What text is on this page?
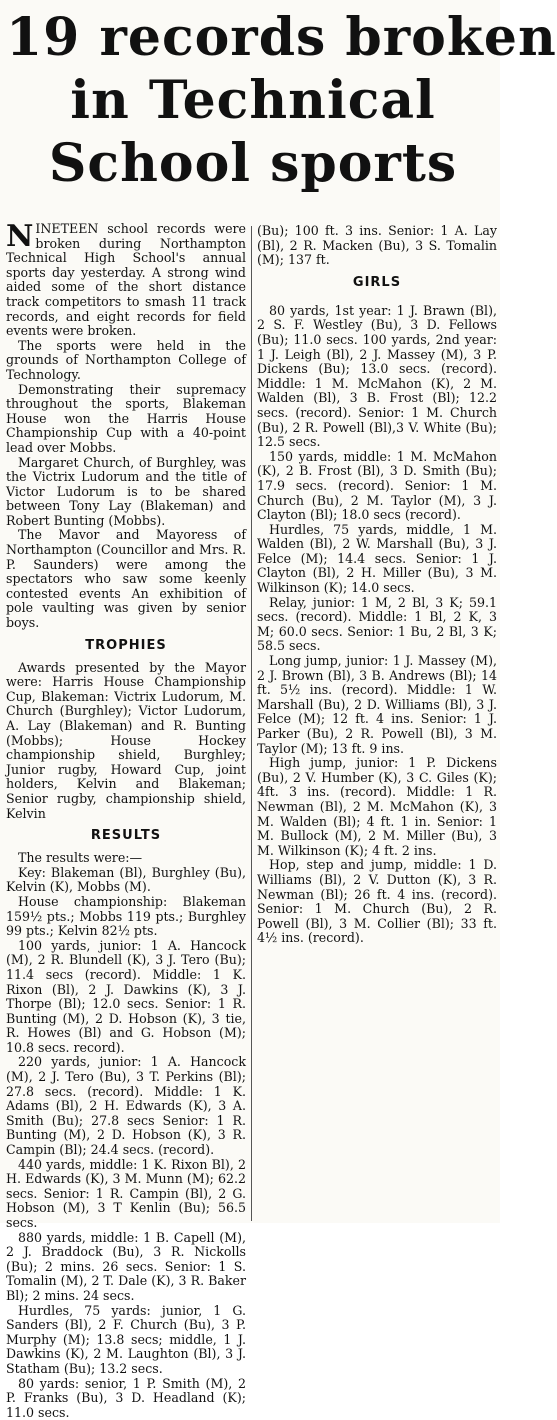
19 records broken
in Technical
School sports

NINETEEN school records were broken during Northampton Technical High School's annual sports day yesterday. A strong wind aided some of the short distance track competitors to smash 11 track records, and eight records for field events were broken.

The sports were held in the grounds of Northampton College of Technology.

Demonstrating their supremacy throughout the sports, Blakeman House won the Harris House Championship Cup with a 40-point lead over Mobbs.

Margaret Church, of Burghley, was the Victrix Ludorum and the title of Victor Ludorum is to be shared between Tony Lay (Blakeman) and Robert Bunting (Mobbs).

The Mavor and Mayoress of Northampton (Councillor and Mrs. R. P. Saunders) were among the spectators who saw some keenly contested events An exhibition of pole vaulting was given by senior boys.

TROPHIES

Awards presented by the Mayor were: Harris House Championship Cup, Blakeman: Victrix Ludorum, M. Church (Burghley); Victor Ludorum, A. Lay (Blakeman) and R. Bunting (Mobbs); House Hockey championship shield, Burghley; Junior rugby, Howard Cup, joint holders, Kelvin and Blakeman; Senior rugby, championship shield, Kelvin

RESULTS

The results were:—

Key: Blakeman (Bl), Burghley (Bu), Kelvin (K), Mobbs (M).

House championship: Blakeman 159½ pts.; Mobbs 119 pts.; Burghley 99 pts.; Kelvin 82½ pts.

100 yards, junior: 1 A. Hancock (M), 2 R. Blundell (K), 3 J. Tero (Bu); 11.4 secs (record). Middle: 1 K. Rixon (Bl), 2 J. Dawkins (K), 3 J. Thorpe (Bl); 12.0 secs. Senior: 1 R. Bunting (M), 2 D. Hobson (K), 3 tie, R. Howes (Bl) and G. Hobson (M); 10.8 secs. record).

220 yards, junior: 1 A. Hancock (M), 2 J. Tero (Bu), 3 T. Perkins (Bl); 27.8 secs. (record). Middle: 1 K. Adams (Bl), 2 H. Edwards (K), 3 A. Smith (Bu); 27.8 secs Senior: 1 R. Bunting (M), 2 D. Hobson (K), 3 R. Campin (Bl); 24.4 secs. (record).

440 yards, middle: 1 K. Rixon Bl), 2 H. Edwards (K), 3 M. Munn (M); 62.2 secs. Senior: 1 R. Campin (Bl), 2 G. Hobson (M), 3 T Kenlin (Bu); 56.5 secs.

880 yards, middle: 1 B. Capell (M), 2 J. Braddock (Bu), 3 R. Nickolls (Bu); 2 mins. 26 secs. Senior: 1 S. Tomalin (M), 2 T. Dale (K), 3 R. Baker Bl); 2 mins. 24 secs.

Hurdles, 75 yards: junior, 1 G. Sanders (Bl), 2 F. Church (Bu), 3 P. Murphy (M); 13.8 secs; middle, 1 J. Dawkins (K), 2 M. Laughton (Bl), 3 J. Statham (Bu); 13.2 secs.

80 yards: senior, 1 P. Smith (M), 2 P. Franks (Bu), 3 D. Headland (K); 11.0 secs.

(Bu); 100 ft. 3 ins. Senior: 1 A. Lay (Bl), 2 R. Macken (Bu), 3 S. Tomalin (M); 137 ft.

GIRLS

80 yards, 1st year: 1 J. Brawn (Bl), 2 S. F. Westley (Bu), 3 D. Fellows (Bu); 11.0 secs. 100 yards, 2nd year: 1 J. Leigh (Bl), 2 J. Massey (M), 3 P. Dickens (Bu); 13.0 secs. (record). Middle: 1 M. McMahon (K), 2 M. Walden (Bl), 3 B. Frost (Bl); 12.2 secs. (record). Senior: 1 M. Church (Bu), 2 R. Powell (Bl),3 V. White (Bu); 12.5 secs.

150 yards, middle: 1 M. McMahon (K), 2 B. Frost (Bl), 3 D. Smith (Bu); 17.9 secs. (record). Senior: 1 M. Church (Bu), 2 M. Taylor (M), 3 J. Clayton (Bl); 18.0 secs (record).

Hurdles, 75 yards, middle, 1 M. Walden (Bl), 2 W. Marshall (Bu), 3 J. Felce (M); 14.4 secs. Senior: 1 J. Clayton (Bl), 2 H. Miller (Bu), 3 M. Wilkinson (K); 14.0 secs.

Relay, junior: 1 M, 2 Bl, 3 K; 59.1 secs. (record). Middle: 1 Bl, 2 K, 3 M; 60.0 secs. Senior: 1 Bu, 2 Bl, 3 K; 58.5 secs.

Long jump, junior: 1 J. Massey (M), 2 J. Brown (Bl), 3 B. Andrews (Bl); 14 ft. 5½ ins. (record). Middle: 1 W. Marshall (Bu), 2 D. Williams (Bl), 3 J. Felce (M); 12 ft. 4 ins. Senior: 1 J. Parker (Bu), 2 R. Powell (Bl), 3 M. Taylor (M); 13 ft. 9 ins.

High jump, junior: 1 P. Dickens (Bu), 2 V. Humber (K), 3 C. Giles (K); 4ft. 3 ins. (record). Middle: 1 R. Newman (Bl), 2 M. McMahon (K), 3 M. Walden (Bl); 4 ft. 1 in. Senior: 1 M. Bullock (M), 2 M. Miller (Bu), 3 M. Wilkinson (K); 4 ft. 2 ins.

Hop, step and jump, middle: 1 D. Williams (Bl), 2 V. Dutton (K), 3 R. Newman (Bl); 26 ft. 4 ins. (record). Senior: 1 M. Church (Bu), 2 R. Powell (Bl), 3 M. Collier (Bl); 33 ft. 4½ ins. (record).
